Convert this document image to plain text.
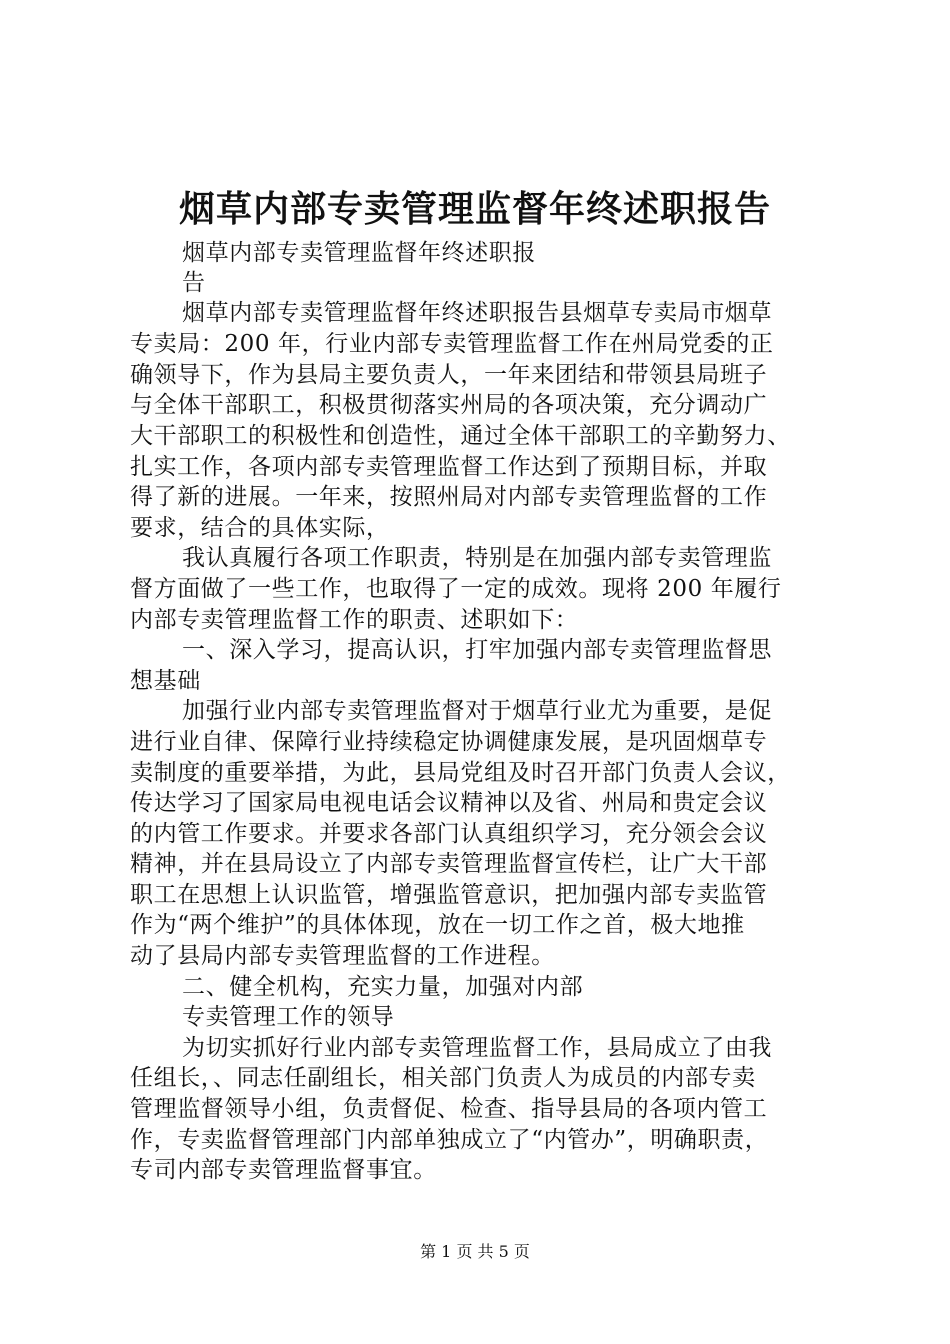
烟草内部专卖管理监督年终述职报告
烟草内部专卖管理监督年终述职报
告
烟草内部专卖管理监督年终述职报告县烟草专卖局市烟草
专卖局：200 年，行业内部专卖管理监督工作在州局党委的正
确领导下，作为县局主要负责人，一年来团结和带领县局班子
与全体干部职工，积极贯彻落实州局的各项决策，充分调动广
大干部职工的积极性和创造性，通过全体干部职工的辛勤努力、
扎实工作，各项内部专卖管理监督工作达到了预期目标，并取
得了新的进展。一年来，按照州局对内部专卖管理监督的工作
要求，结合的具体实际，
我认真履行各项工作职责，特别是在加强内部专卖管理监
督方面做了一些工作，也取得了一定的成效。现将 200 年履行
内部专卖管理监督工作的职责、述职如下：
一、深入学习，提高认识，打牢加强内部专卖管理监督思
想基础
加强行业内部专卖管理监督对于烟草行业尤为重要，是促
进行业自律、保障行业持续稳定协调健康发展，是巩固烟草专
卖制度的重要举措，为此，县局党组及时召开部门负责人会议，
传达学习了国家局电视电话会议精神以及省、州局和贵定会议
的内管工作要求。并要求各部门认真组织学习，充分领会会议
精神，并在县局设立了内部专卖管理监督宣传栏，让广大干部
职工在思想上认识监管，增强监管意识，把加强内部专卖监管
作为“两个维护”的具体体现，放在一切工作之首，极大地推
动了县局内部专卖管理监督的工作进程。
二、健全机构，充实力量，加强对内部
专卖管理工作的领导
为切实抓好行业内部专卖管理监督工作，县局成立了由我
任组长，、同志任副组长，相关部门负责人为成员的内部专卖
管理监督领导小组，负责督促、检查、指导县局的各项内管工
作，专卖监督管理部门内部单独成立了“内管办”，明确职责，
专司内部专卖管理监督事宜。
第 1 页 共 5 页
